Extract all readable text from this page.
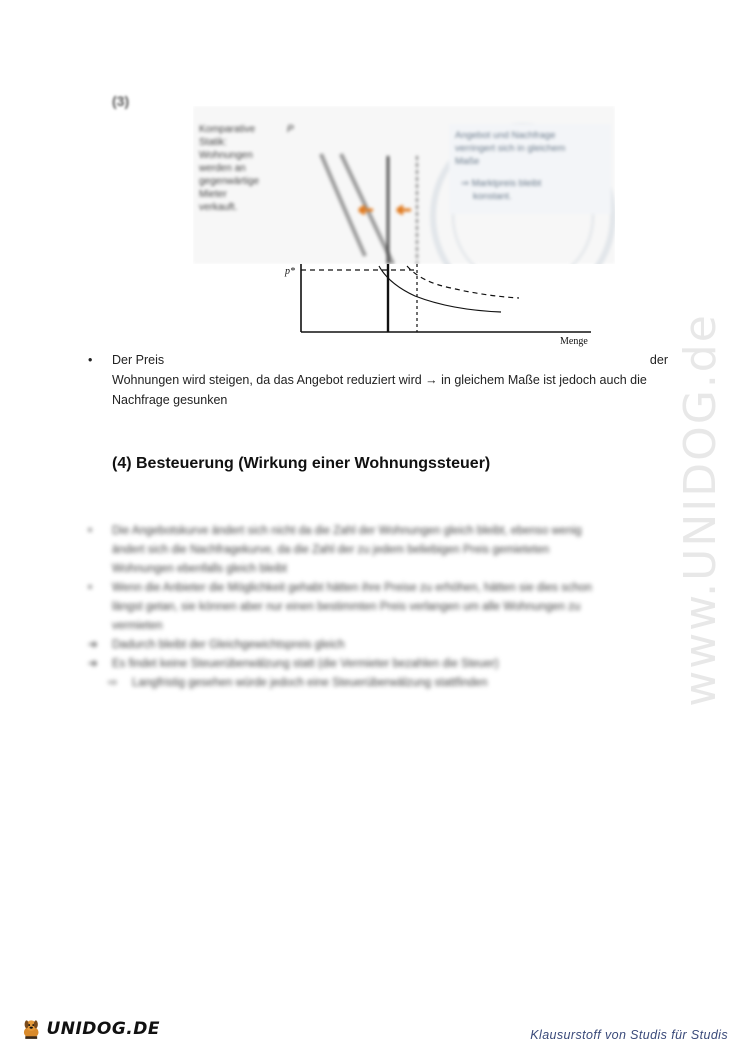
www.UNIDOG.de
(3)
Komparative
Statik:
Wohnungen
werden an
gegenwärtige
Mieter
verkauft.
Angebot und Nachfrage
verringert sich in gleichem
Maße
⇒ Marktpreis bleibt
konstant.
P
p*
Menge
•	Der Preis	der
Wohnungen wird steigen, da das Angebot reduziert wird → in gleichem Maße ist jedoch auch die
Nachfrage gesunken
(4) Besteuerung (Wirkung einer Wohnungssteuer)
•	Die Angebotskurve ändert sich nicht da die Zahl der Wohnungen gleich bleibt, ebenso wenig
ändert sich die Nachfragekurve, da die Zahl der zu jedem beliebigen Preis gemieteten
Wohnungen ebenfalls gleich bleibt
•	Wenn die Anbieter die Möglichkeit gehabt hätten ihre Preise zu erhöhen, hätten sie dies schon
längst getan, sie können aber nur einen bestimmten Preis verlangen um alle Wohnungen zu
vermieten
➔	Dadurch bleibt der Gleichgewichtspreis gleich
➔	Es findet keine Steuerüberwälzung statt (die Vermieter bezahlen die Steuer)
⇨	Langfristig gesehen würde jedoch eine Steuerüberwälzung stattfinden
UNIDOG.DE	Klausurstoff von Studis für Studis
